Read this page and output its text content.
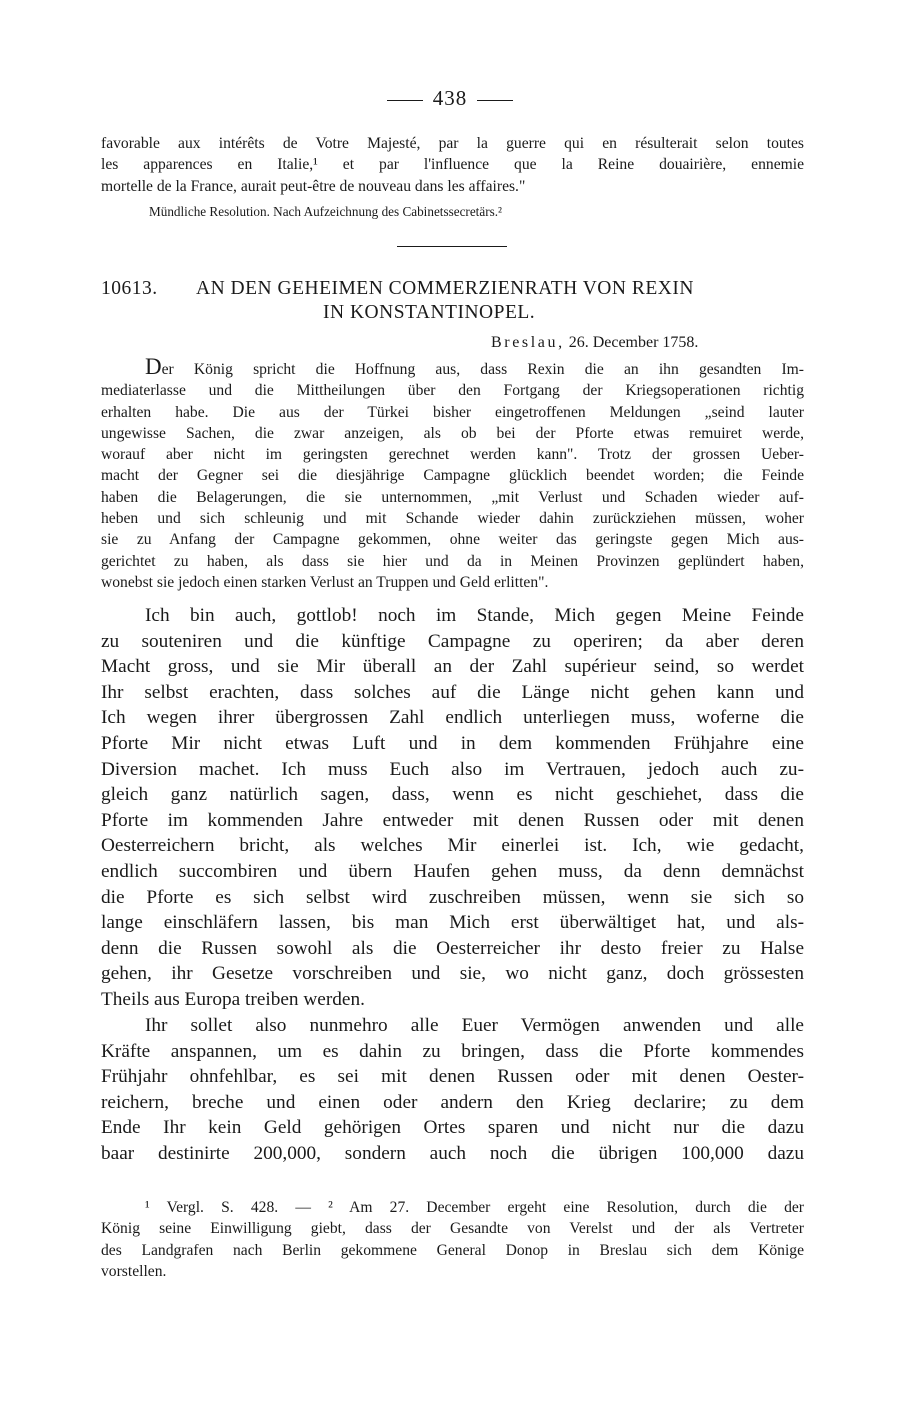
438
favorable aux intérêts de Votre Majesté, par la guerre qui en résulterait selon toutes
les apparences en Italie,¹ et par l'influence que la Reine douairière, ennemie
mortelle de la France, aurait peut-être de nouveau dans les affaires."
Mündliche Resolution. Nach Aufzeichnung des Cabinetssecretärs.²
10613. AN DEN GEHEIMEN COMMERZIENRATH VON REXIN
IN KONSTANTINOPEL.
Breslau, 26. December 1758.
Der König spricht die Hoffnung aus, dass Rexin die an ihn gesandten Im-
mediaterlasse und die Mittheilungen über den Fortgang der Kriegsoperationen richtig
erhalten habe. Die aus der Türkei bisher eingetroffenen Meldungen „seind lauter
ungewisse Sachen, die zwar anzeigen, als ob bei der Pforte etwas remuiret werde,
worauf aber nicht im geringsten gerechnet werden kann". Trotz der grossen Ueber-
macht der Gegner sei die diesjährige Campagne glücklich beendet worden; die Feinde
haben die Belagerungen, die sie unternommen, „mit Verlust und Schaden wieder auf-
heben und sich schleunig und mit Schande wieder dahin zurückziehen müssen, woher
sie zu Anfang der Campagne gekommen, ohne weiter das geringste gegen Mich aus-
gerichtet zu haben, als dass sie hier und da in Meinen Provinzen geplündert haben,
wonebst sie jedoch einen starken Verlust an Truppen und Geld erlitten".
Ich bin auch, gottlob! noch im Stande, Mich gegen Meine Feinde
zu souteniren und die künftige Campagne zu operiren; da aber deren
Macht gross, und sie Mir überall an der Zahl supérieur seind, so werdet
Ihr selbst erachten, dass solches auf die Länge nicht gehen kann und
Ich wegen ihrer übergrossen Zahl endlich unterliegen muss, woferne die
Pforte Mir nicht etwas Luft und in dem kommenden Frühjahre eine
Diversion machet. Ich muss Euch also im Vertrauen, jedoch auch zu-
gleich ganz natürlich sagen, dass, wenn es nicht geschiehet, dass die
Pforte im kommenden Jahre entweder mit denen Russen oder mit denen
Oesterreichern bricht, als welches Mir einerlei ist. Ich, wie gedacht,
endlich succombiren und übern Haufen gehen muss, da denn demnächst
die Pforte es sich selbst wird zuschreiben müssen, wenn sie sich so
lange einschläfern lassen, bis man Mich erst überwältiget hat, und als-
denn die Russen sowohl als die Oesterreicher ihr desto freier zu Halse
gehen, ihr Gesetze vorschreiben und sie, wo nicht ganz, doch grössesten
Theils aus Europa treiben werden.
Ihr sollet also nunmehro alle Euer Vermögen anwenden und alle
Kräfte anspannen, um es dahin zu bringen, dass die Pforte kommendes
Frühjahr ohnfehlbar, es sei mit denen Russen oder mit denen Oester-
reichern, breche und einen oder andern den Krieg declarire; zu dem
Ende Ihr kein Geld gehörigen Ortes sparen und nicht nur die dazu
baar destinirte 200,000, sondern auch noch die übrigen 100,000 dazu
¹ Vergl. S. 428. — ² Am 27. December ergeht eine Resolution, durch die der
König seine Einwilligung giebt, dass der Gesandte von Verelst und der als Vertreter
des Landgrafen nach Berlin gekommene General Donop in Breslau sich dem Könige
vorstellen.
